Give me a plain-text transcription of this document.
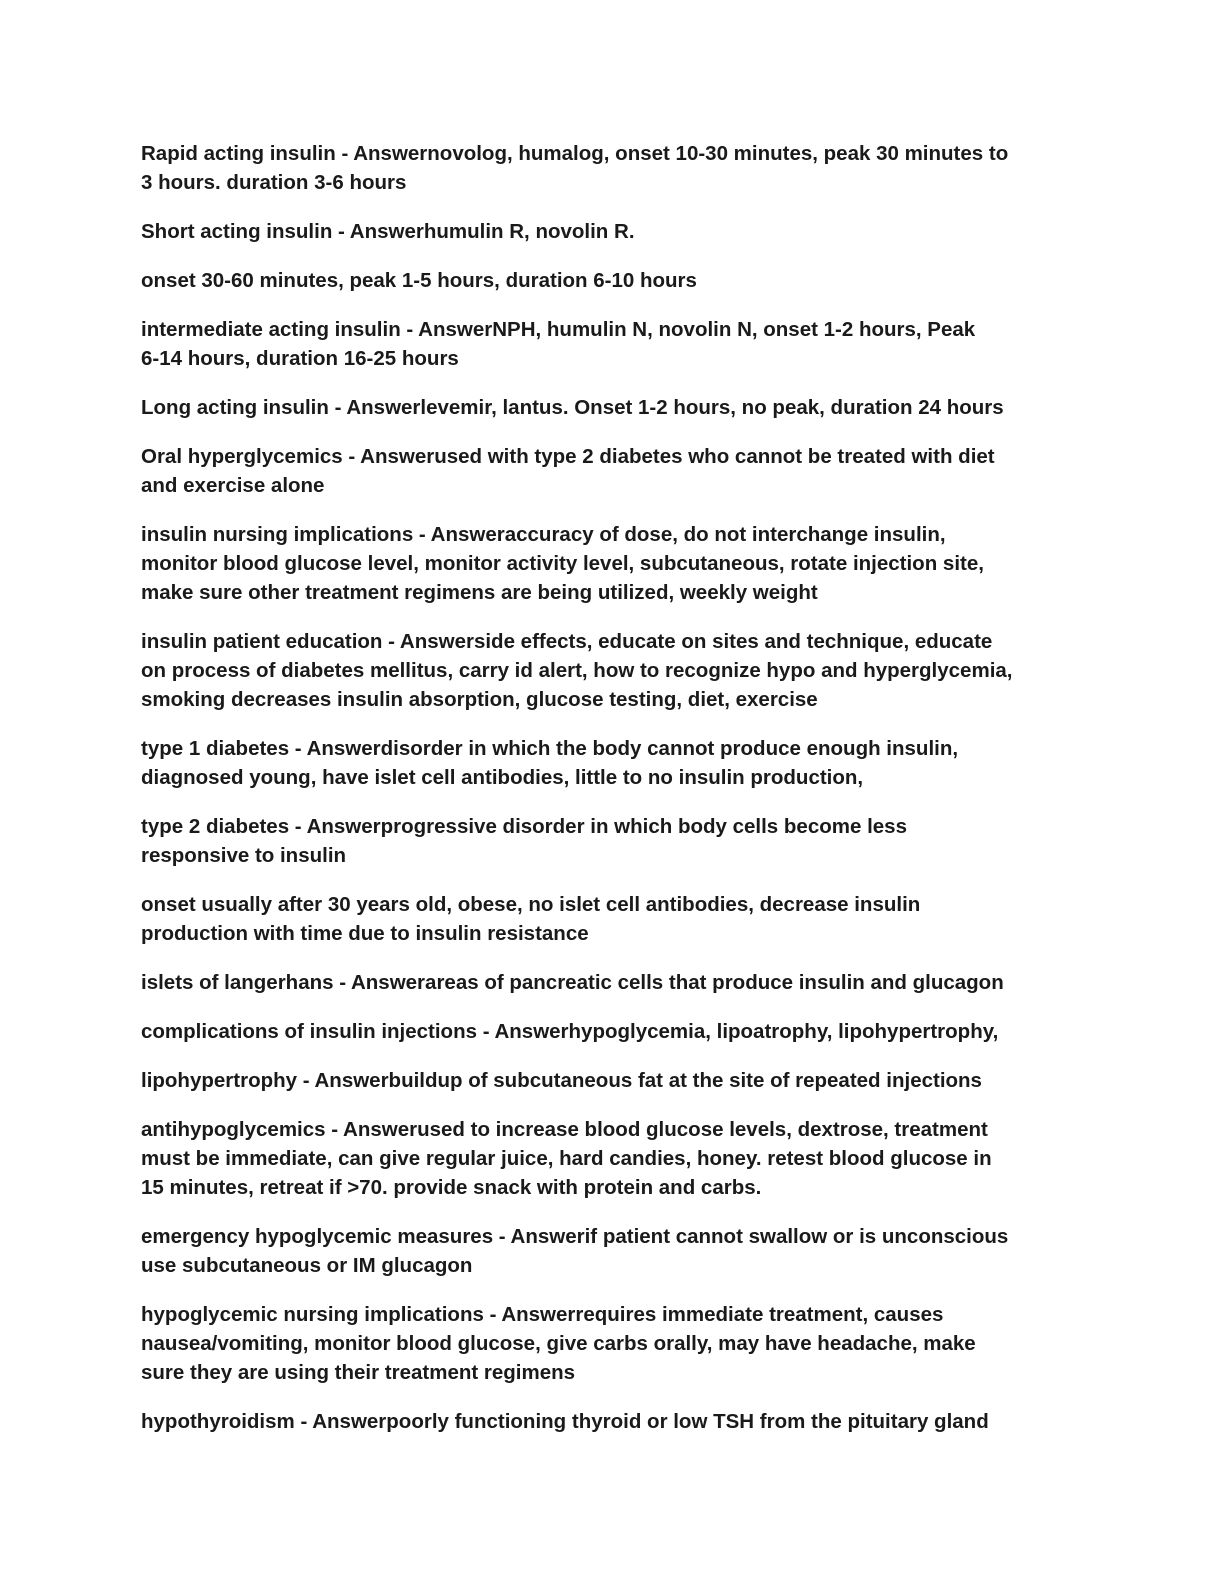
Rapid acting insulin - Answernovolog, humalog, onset 10-30 minutes, peak 30 minutes to
3 hours. duration 3-6 hours

Short acting insulin - Answerhumulin R, novolin R.

onset 30-60 minutes, peak 1-5 hours, duration 6-10 hours

intermediate acting insulin - AnswerNPH, humulin N, novolin N, onset 1-2 hours, Peak
6-14 hours, duration 16-25 hours

Long acting insulin - Answerlevemir, lantus. Onset 1-2 hours, no peak, duration 24 hours

Oral hyperglycemics - Answerused with type 2 diabetes who cannot be treated with diet
and exercise alone

insulin nursing implications - Answeraccuracy of dose, do not interchange insulin,
monitor blood glucose level, monitor activity level, subcutaneous, rotate injection site,
make sure other treatment regimens are being utilized, weekly weight

insulin patient education - Answerside effects, educate on sites and technique, educate
on process of diabetes mellitus, carry id alert, how to recognize hypo and hyperglycemia,
smoking decreases insulin absorption, glucose testing, diet, exercise

type 1 diabetes - Answerdisorder in which the body cannot produce enough insulin,
diagnosed young, have islet cell antibodies, little to no insulin production,

type 2 diabetes - Answerprogressive disorder in which body cells become less
responsive to insulin

onset usually after 30 years old, obese, no islet cell antibodies, decrease insulin
production with time due to insulin resistance

islets of langerhans - Answerareas of pancreatic cells that produce insulin and glucagon

complications of insulin injections - Answerhypoglycemia, lipoatrophy, lipohypertrophy,

lipohypertrophy - Answerbuildup of subcutaneous fat at the site of repeated injections

antihypoglycemics - Answerused to increase blood glucose levels, dextrose, treatment
must be immediate, can give regular juice, hard candies, honey. retest blood glucose in
15 minutes, retreat if >70. provide snack with protein and carbs.

emergency hypoglycemic measures - Answerif patient cannot swallow or is unconscious
use subcutaneous or IM glucagon

hypoglycemic nursing implications - Answerrequires immediate treatment, causes
nausea/vomiting, monitor blood glucose, give carbs orally, may have headache, make
sure they are using their treatment regimens

hypothyroidism - Answerpoorly functioning thyroid or low TSH from the pituitary gland
